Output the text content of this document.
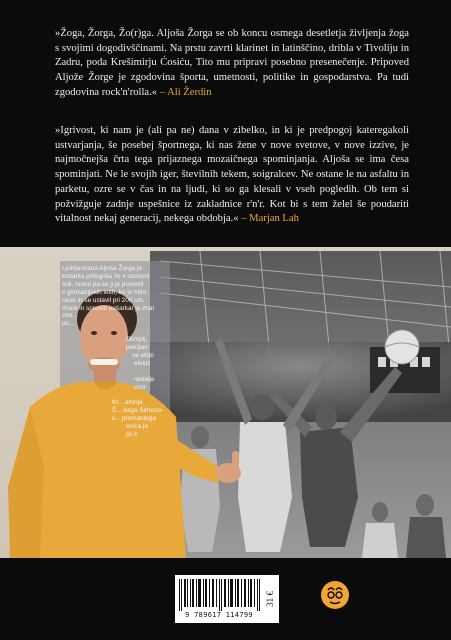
»Žoga, Žorga, Žo(r)ga. Aljoša Žorga se ob koncu osmega desetletja življenja žoga s svojimi dogodivščinami. Na prstu zavrti klarinet in latinščino, dribla v Tivoliju in Zadru, poda Krešimirju Ćosiću, Tito mu pripravi posebno presenečenje. Pripoved Aljože Žorge je zgodovina športa, umetnosti, politike in gospodarstva. Pa tudi zgodovina rock'n'rolla.« – Ali Žerdin

»Igrivost, ki nam je (ali pa ne) dana v zibelko, in ki je predpogoj kateregakoli ustvarjanja, še posebej športnega, ki nas žene v nove svetove, v nove izzive, je najmočnejša črta tega prijaznega mozaičnega spominjanja. Aljoša se ima česa spominjati. Ne le svojih iger, številnih tekem, soigralcev. Ne ostane le na asfaltu in parketu, ozre se v čas in na ljudi, ki so ga klesali v vseh pogledih. Ob tem si požvižguje zadnje uspešnice iz zakladnice r'n'r. Kot bi s tem želel še poudariti vitalnost nekaj generacij, nekega obdobja.« – Marjan Lah

Ljubljančana Aljoša Žorga je
košarka pritegnila že v osnovni
šoli, resno pa se ji je posvetil
v gimnazijskih letih, ko je hitro
rasel in se ustavil pri 200 cm.
Visok in spreten košarkar je znal
zeo...
po...
Olimpij,
pelcijan.
se ekipi
elekci
nedalje
vzor
Kr... amnja
Š... iraga Simono-
v... premantega
enica je
ijo k
9 789617 114799
31 €
